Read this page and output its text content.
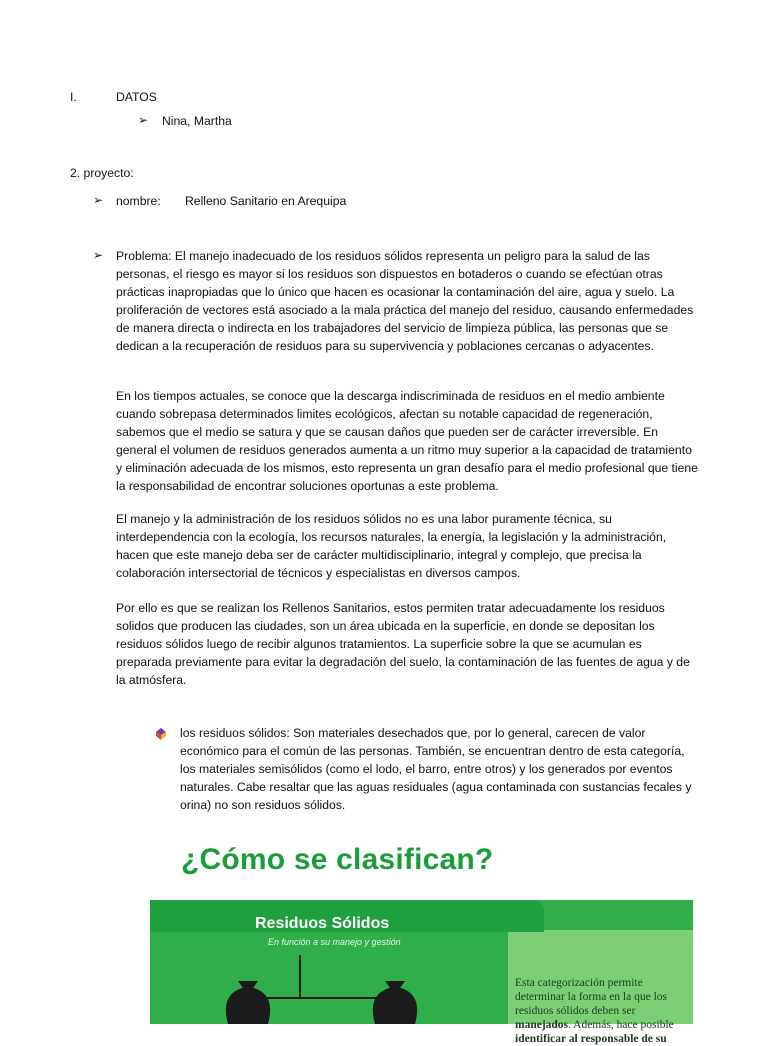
I.	DATOS
➢ Nina, Martha
2. proyecto:
➢ nombre: Relleno Sanitario en Arequipa
➢ Problema: El manejo inadecuado de los residuos sólidos representa un peligro para la salud de las personas, el riesgo es mayor si los residuos son dispuestos en botaderos o cuando se efectúan otras prácticas inapropiadas que lo único que hacen es ocasionar la contaminación del aire, agua y suelo. La proliferación de vectores está asociado a la mala práctica del manejo del residuo, causando enfermedades de manera directa o indirecta en los trabajadores del servicio de limpieza pública, las personas que se dedican a la recuperación de residuos para su supervivencia y poblaciones cercanas o adyacentes.
En los tiempos actuales, se conoce que la descarga indiscriminada de residuos en el medio ambiente cuando sobrepasa determinados limites ecológicos, afectan su notable capacidad de regeneración, sabemos que el medio se satura y que se causan daños que pueden ser de carácter irreversible. En general el volumen de residuos generados aumenta a un ritmo muy superior a la capacidad de tratamiento y eliminación adecuada de los mismos, esto representa un gran desafío para el medio profesional que tiene la responsabilidad de encontrar soluciones oportunas a este problema.
El manejo y la administración de los residuos sólidos no es una labor puramente técnica, su interdependencia con la ecología, los recursos naturales, la energía, la legislación y la administración, hacen que este manejo deba ser de carácter multidisciplinario, integral y complejo, que precisa la colaboración intersectorial de técnicos y especialistas en diversos campos.
Por ello es que se realizan los Rellenos Sanitarios, estos permiten tratar adecuadamente los residuos solidos que producen las ciudades, son un área ubicada en la superficie, en donde se depositan los residuos sólidos luego de recibir algunos tratamientos. La superficie sobre la que se acumulan es preparada previamente para evitar la degradación del suelo, la contaminación de las fuentes de agua y de la atmósfera.
los residuos sólidos: Son materiales desechados que, por lo general, carecen de valor económico para el común de las personas. También, se encuentran dentro de esta categoría, los materiales semisólidos (como el lodo, el barro, entre otros) y los generados por eventos naturales. Cabe resaltar que las aguas residuales (agua contaminada con sustancias fecales y orina) no son residuos sólidos.
¿Cómo se clasifican?
Residuos Sólidos
En función a su manejo y gestión
Esta categorización permite determinar la forma en la que los residuos sólidos deben ser manejados. Además, hace posible identificar al responsable de su
